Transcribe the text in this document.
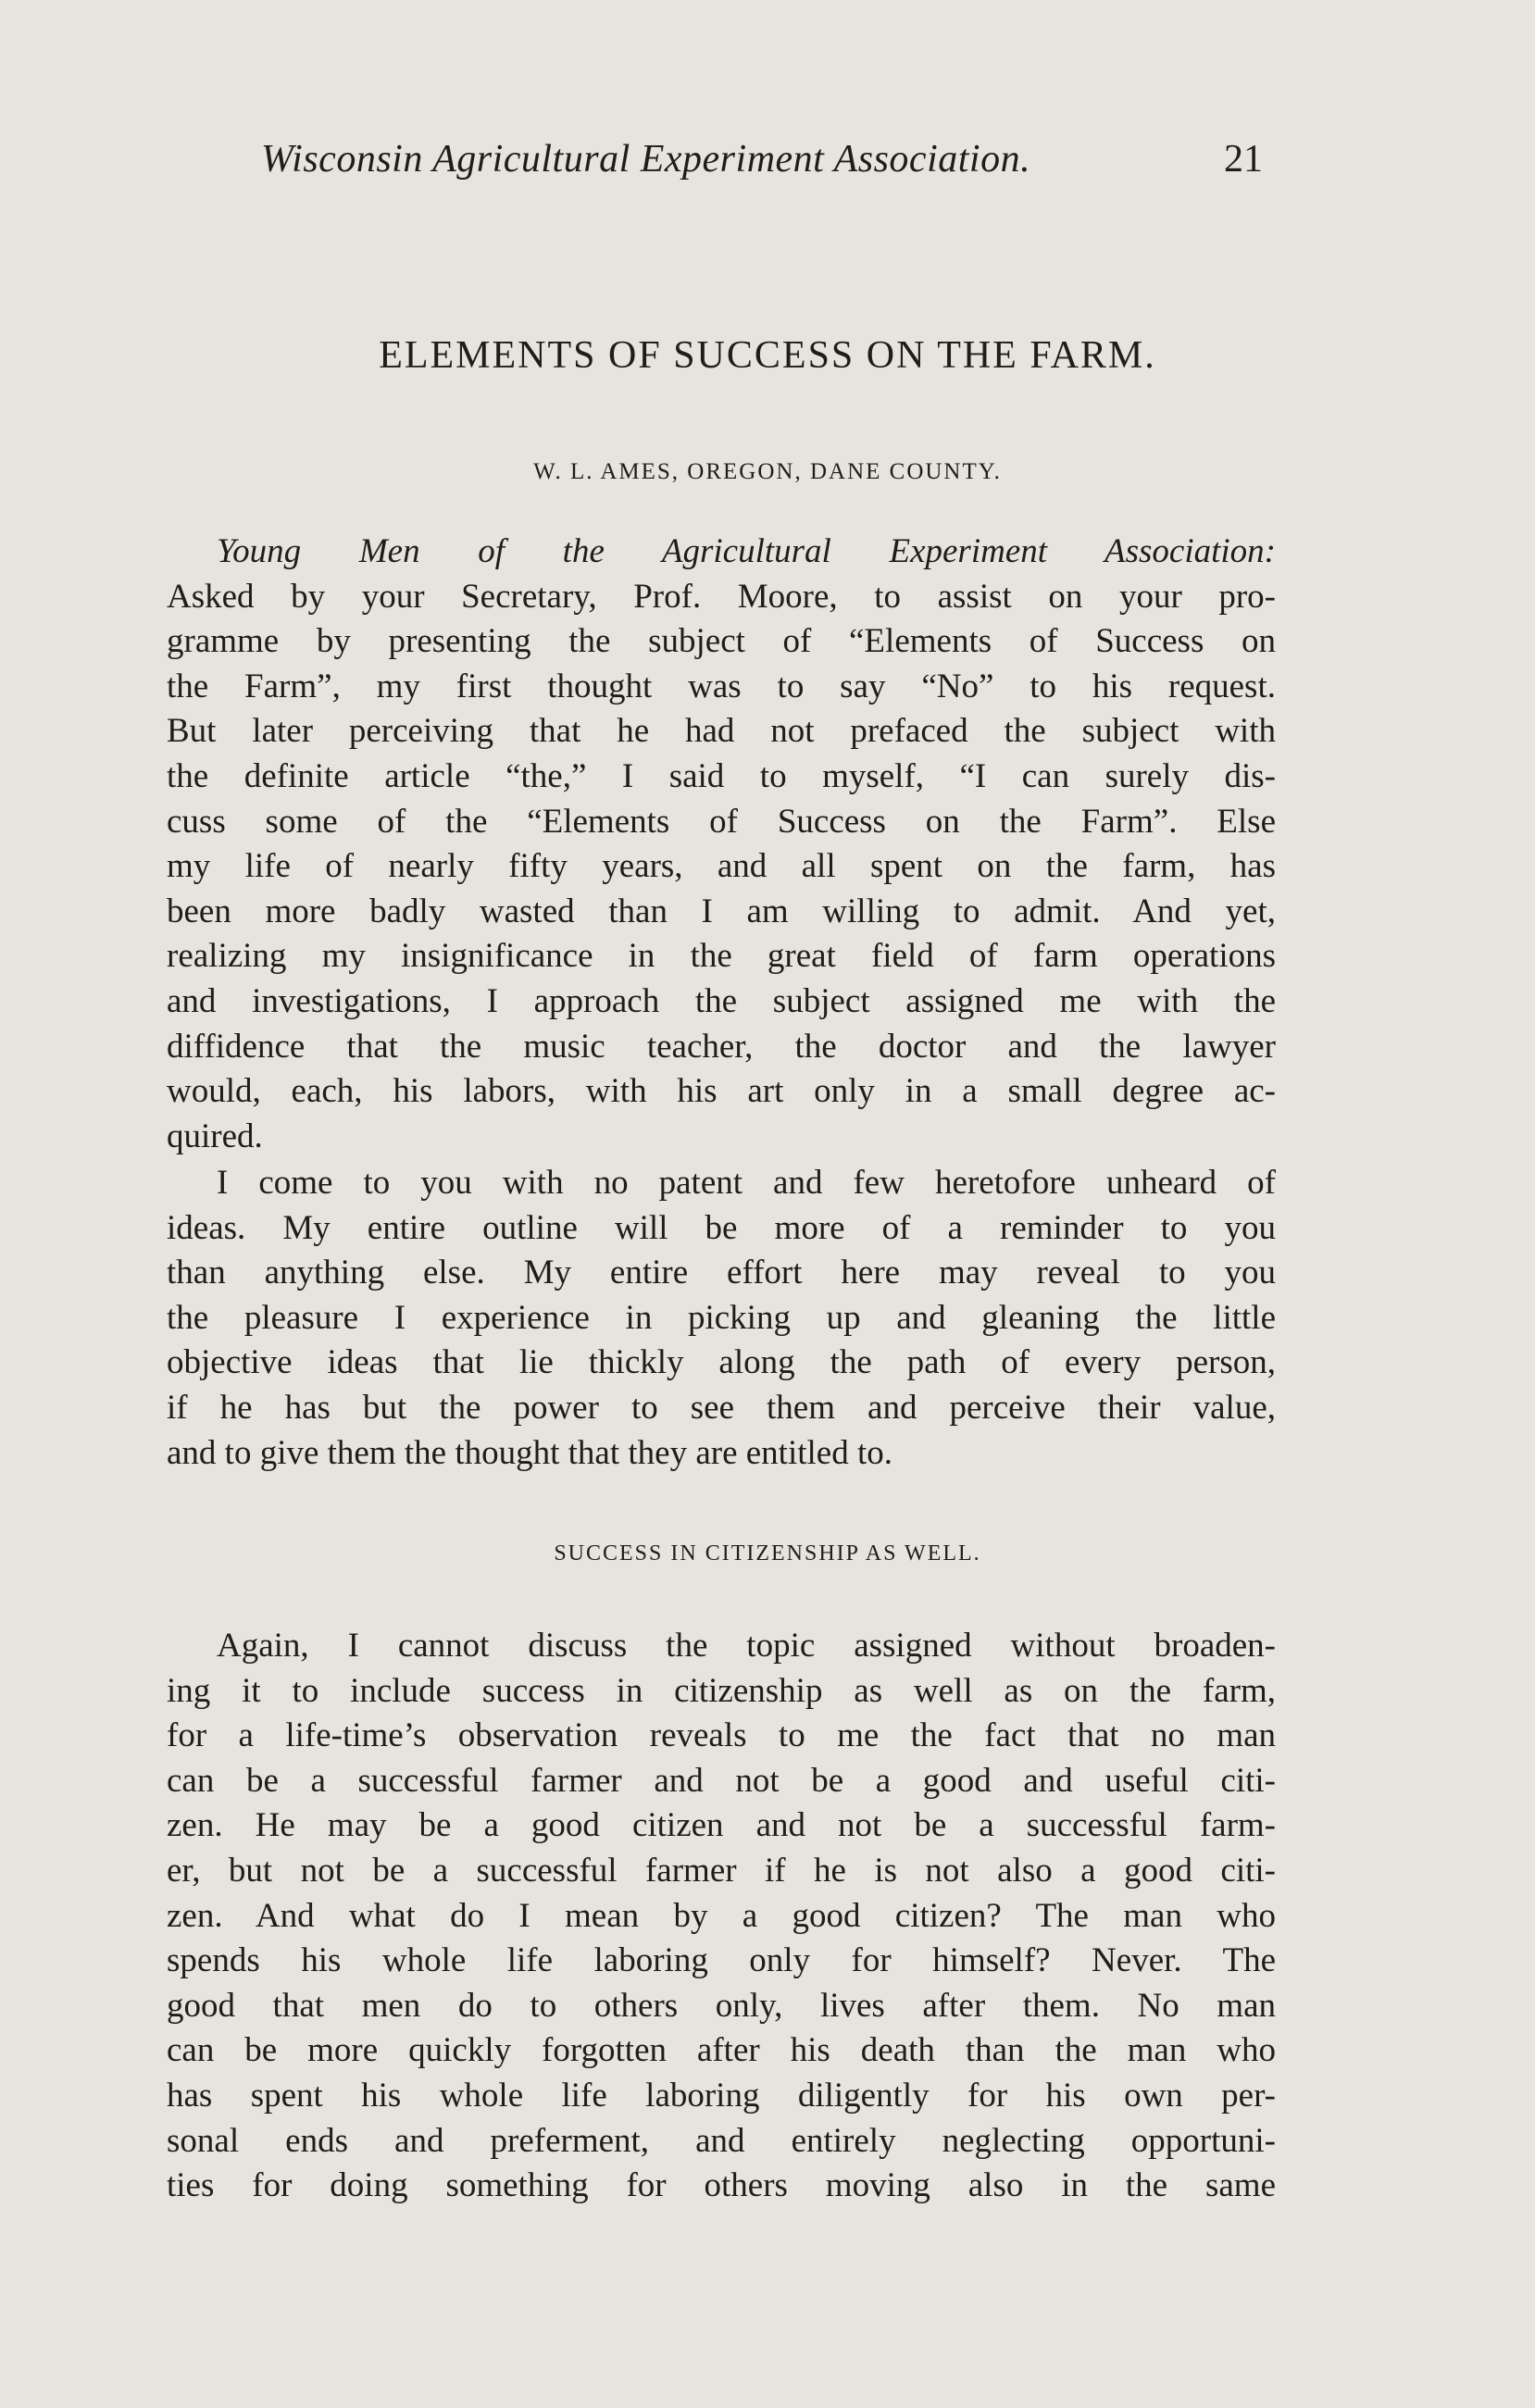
Wisconsin Agricultural Experiment Association.	21
ELEMENTS OF SUCCESS ON THE FARM.
W. L. AMES, OREGON, DANE COUNTY.
Young Men of the Agricultural Experiment Association:
Asked by your Secretary, Prof. Moore, to assist on your pro-
gramme by presenting the subject of “Elements of Success on
the Farm”, my first thought was to say “No” to his request.
But later perceiving that he had not prefaced the subject with
the definite article “the,” I said to myself, “I can surely dis-
cuss some of the “Elements of Success on the Farm”. Else
my life of nearly fifty years, and all spent on the farm, has
been more badly wasted than I am willing to admit. And yet,
realizing my insignificance in the great field of farm operations
and investigations, I approach the subject assigned me with the
diffidence that the music teacher, the doctor and the lawyer
would, each, his labors, with his art only in a small degree ac-
quired.
I come to you with no patent and few heretofore unheard of
ideas. My entire outline will be more of a reminder to you
than anything else. My entire effort here may reveal to you
the pleasure I experience in picking up and gleaning the little
objective ideas that lie thickly along the path of every person,
if he has but the power to see them and perceive their value,
and to give them the thought that they are entitled to.
SUCCESS IN CITIZENSHIP AS WELL.
Again, I cannot discuss the topic assigned without broaden-
ing it to include success in citizenship as well as on the farm,
for a life-time’s observation reveals to me the fact that no man
can be a successful farmer and not be a good and useful citi-
zen. He may be a good citizen and not be a successful farm-
er, but not be a successful farmer if he is not also a good citi-
zen. And what do I mean by a good citizen? The man who
spends his whole life laboring only for himself? Never. The
good that men do to others only, lives after them. No man
can be more quickly forgotten after his death than the man who
has spent his whole life laboring diligently for his own per-
sonal ends and preferment, and entirely neglecting opportuni-
ties for doing something for others moving also in the same
